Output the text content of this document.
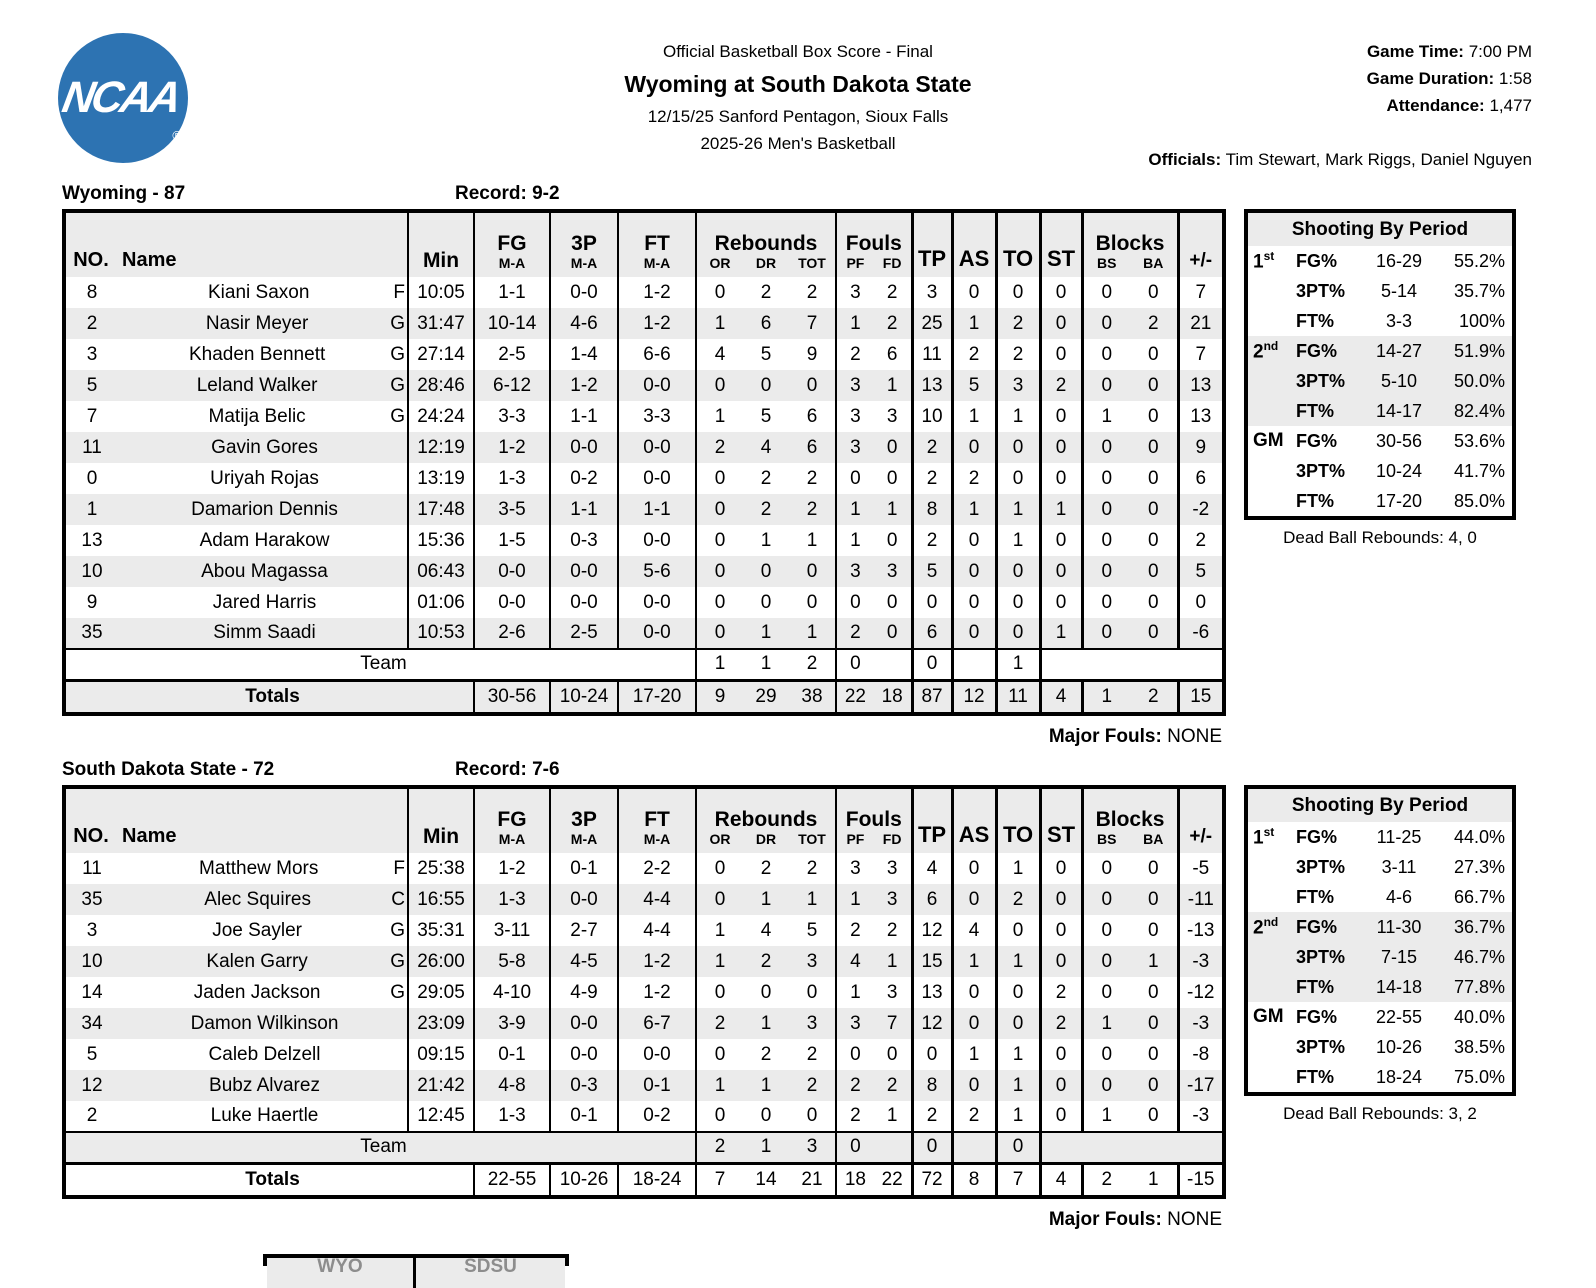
NCAA
®
Official Basketball Box Score - Final
Wyoming at South Dakota State
12/15/25 Sanford Pentagon, Sioux Falls
2025-26 Men's Basketball
Game Time: 7:00 PM
Game Duration: 1:58
Attendance: 1,477
Officials: Tim Stewart, Mark Riggs, Daniel Nguyen
Wyoming - 87	Record: 9-2
NO. Name	Min

FG
M-A

3P
M-A

FT
M-A

Rebounds
OR	DR	TOT

Fouls
PF	FD	TP	AS	TO	ST	
Blocks
BS	BA	+/-
8	Kiani Saxon F	10:05	1-1	0-0	1-2	0 2 2	3 2	3	0	0	0	0 0	7
2	Nasir Meyer G	31:47	10-14	4-6	1-2	1 6 7	1 2	25	1	2	0	0 2	21
3	Khaden Bennett G	27:14	2-5	1-4	6-6	4 5 9	2 6	11	2	2	0	0 0	7
5	Leland Walker G	28:46	6-12	1-2	0-0	0 0 0	3 1	13	5	3	2	0 0	13
7	Matija Belic G	24:24	3-3	1-1	3-3	1 5 6	3 3	10	1	1	0	1 0	13
11	Gavin Gores	12:19	1-2	0-0	0-0	2 4 6	3 0	2	0	0	0	0 0	9
0	Uriyah Rojas	13:19	1-3	0-2	0-0	0 2 2	0 0	2	2	0	0	0 0	6
1	Damarion Dennis	17:48	3-5	1-1	1-1	0 2 2	1 1	8	1	1	1	0 0	-2
13	Adam Harakow	15:36	1-5	0-3	0-0	0 1 1	1 0	2	0	1	0	0 0	2
10	Abou Magassa	06:43	0-0	0-0	5-6	0 0 0	3 3	5	0	0	0	0 0	5
9	Jared Harris	01:06	0-0	0-0	0-0	0 0 0	0 0	0	0	0	0	0 0	0
35	Simm Saadi	10:53	2-6	2-5	0-0	0 1 1	2 0	6	0	0	1	0 0	-6
Team						1 1 2	0	0		1			
Totals			30-56	10-24	17-20	9 29 38	22 18	87	12	11	4	1 2	15
Shooting By Period
1st	FG%	16-29	55.2%
3PT%	5-14	35.7%
FT%	3-3	100%
2nd FG%	14-27	51.9%
3PT%	5-10	50.0%
FT%	14-17	82.4%
GM FG%	30-56	53.6%
3PT%	10-24	41.7%
FT%	17-20	85.0%
Dead Ball Rebounds: 4, 0
Major Fouls: NONE
South Dakota State - 72	Record: 7-6
NO. Name	Min

FG
M-A

3P
M-A

FT
M-A

Rebounds
OR	DR	TOT

Fouls
PF	FD	TP	AS	TO	ST	
Blocks
BS	BA	+/-
11	Matthew Mors F	25:38	1-2	0-1	2-2	0 2 2	3 3	4	0	1	0	0 0	-5
35	Alec Squires C	16:55	1-3	0-0	4-4	0 1 1	1 3	6	0	2	0	0 0	-11
3	Joe Sayler G	35:31	3-11	2-7	4-4	1 4 5	2 2	12	4	0	0	0 0	-13
10	Kalen Garry G	26:00	5-8	4-5	1-2	1 2 3	4 1	15	1	1	0	0 1	-3
14	Jaden Jackson G	29:05	4-10	4-9	1-2	0 0 0	1 3	13	0	0	2	0 0	-12
34	Damon Wilkinson	23:09	3-9	0-0	6-7	2 1 3	3 7	12	0	0	2	1 0	-3
5	Caleb Delzell	09:15	0-1	0-0	0-0	0 2 2	0 0	0	1	1	0	0 0	-8
12	Bubz Alvarez	21:42	4-8	0-3	0-1	1 1 2	2 2	8	0	1	0	0 0	-17
2	Luke Haertle	12:45	1-3	0-1	0-2	0 0 0	2 1	2	2	1	0	1 0	-3
Team						2 1 3	0	0		0			
Totals			22-55	10-26	18-24	7 14 21	18 22	72	8	7	4	2 1	-15
Shooting By Period
1st	FG%	11-25	44.0%
3PT%	3-11	27.3%
FT%	4-6	66.7%
2nd FG%	11-30	36.7%
3PT%	7-15	46.7%
FT%	14-18	77.8%
GM FG%	22-55	40.0%
3PT%	10-26	38.5%
FT%	18-24	75.0%
Dead Ball Rebounds: 3, 2
Major Fouls: NONE
WYO	SDSU
